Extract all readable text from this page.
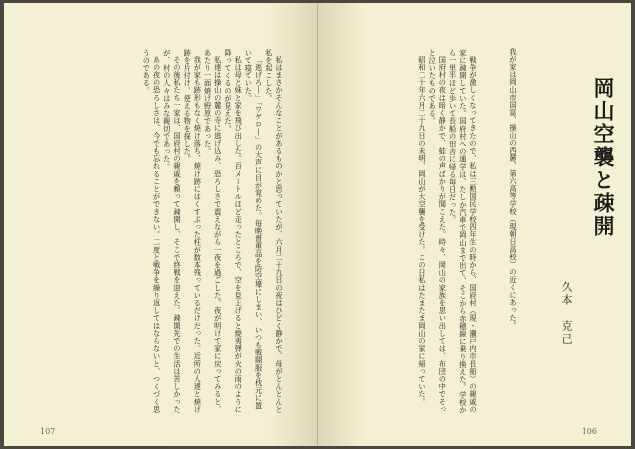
私はまさかそんなことがあるものかと思っていたが、六月二十九日の夜はひどく静かで、母がとんとんと私を起こした。

「逃げろ―」「ワゲロ―」の大声に目が覚めた。毎晩貴重品を防空壕にしまい、いつも戦闘服を枕元に置いて寝ていた。

私は母と妹と家を飛び出した。百メートルほど走ったところで、空を見上げると焼夷弾が火の雨のように降ってくるのが見えた。

私達は操山の麓の寺に逃げ込み、恐ろしさで震えながら一夜を過ごした。夜が明けて家に戻ってみると、あたり一面焼け野原であった。

我が家も跡形もなく焼け落ち、焼け跡にはくすぶった柱が数本残っているだけだった。近所の人達と焼け跡を片付け、使える物を探した。

その後私たち一家は、国府村の親戚を頼って疎開し、そこで終戦を迎えた。疎開先での生活は苦しかったが、村の人々はみな親切であった。

あの夜の恐ろしさは、今でも忘れることができない。二度と戦争を繰り返してはならないと、つくづく思うのである。

107
岡山空襲と疎開
久本　克己

我が家は岡山市国富、操山の西麓、第六高等学校（現朝日高校）の近くにあった。

戦争が激しくなってきたので、私は三勲国民学校四年生の時から、国府村（現・瀬戸内市長船）の親戚の家に疎開していた。国府村への通学は、たしか汽車で岡山まで出て、そこから赤穂線に乗り換えた。学校から一里半ほど歩いて長船の田舎に帰る毎日だった。

国府村の夜は暗く静かで、蛙の声ばかりが聞こえた。時々、岡山の家族を思い出しては、布団の中でそっと泣いたものである。

昭和二十年六月二十九日の未明、岡山が大空襲を受けた。この日私はたまたま岡山の家に帰っていた。

106
